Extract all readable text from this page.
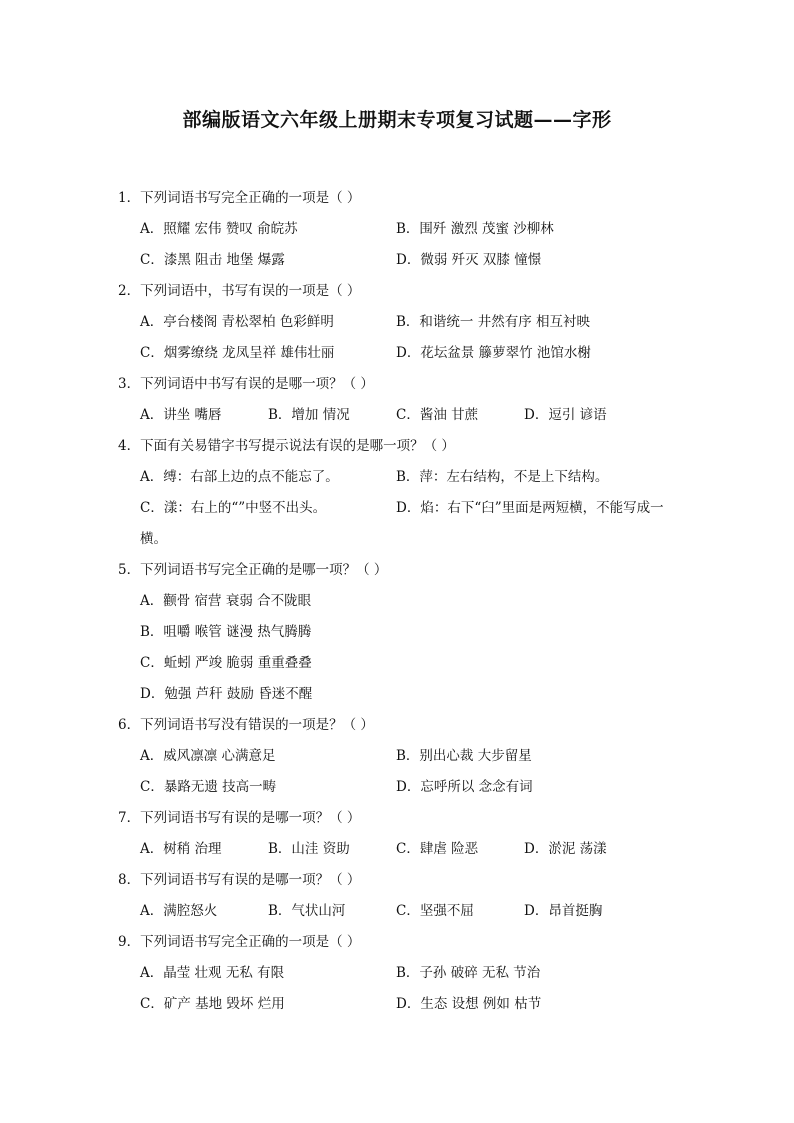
部编版语文六年级上册期末专项复习试题——字形
1．下列词语书写完全正确的一项是（ ）
A．照耀 宏伟 赞叹 俞皖苏	B．围歼 激烈 茂蜜 沙柳林
C．漆黑 阻击 地堡 爆露	D．微弱 歼灭 双膝 憧憬
2．下列词语中，书写有误的一项是（ ）
A．亭台楼阁 青松翠柏 色彩鲜明	B．和谐统一 井然有序 相互衬映
C．烟雾缭绕 龙凤呈祥 雄伟壮丽	D．花坛盆景 籐萝翠竹 池馆水榭
3．下列词语中书写有误的是哪一项？（ ）
A．讲坐 嘴唇	B．增加 情况	C．酱油 甘蔗	D．逗引 谚语
4．下面有关易错字书写提示说法有误的是哪一项？（ ）
A．缚：右部上边的点不能忘了。	B．萍：左右结构，不是上下结构。
C．漾：右上的“”中竖不出头。	D．焰：右下“臼”里面是两短横，不能写成一
横。
5．下列词语书写完全正确的是哪一项？（ ）
A．颧骨 宿营 衰弱 合不陇眼
B．咀嚼 喉管 谜漫 热气腾腾
C．蚯蚓 严竣 脆弱 重重叠叠
D．勉强 芦秆 鼓励 昏迷不醒
6．下列词语书写没有错误的一项是？（ ）
A．威风凛凛 心满意足	B．别出心裁 大步留星
C．暴路无遗 技高一畴	D．忘呼所以 念念有词
7．下列词语书写有误的是哪一项？（ ）
A．树稍 治理	B．山洼 资助	C．肆虐 险恶	D．淤泥 荡漾
8．下列词语书写有误的是哪一项？（ ）
A．满腔怒火	B．气状山河	C．坚强不屈	D．昂首挺胸
9．下列词语书写完全正确的一项是（ ）
A．晶莹 壮观 无私 有限	B．子孙 破碎 无私 节治
C．矿产 基地 毁坏 烂用	D．生态 设想 例如 枯节
